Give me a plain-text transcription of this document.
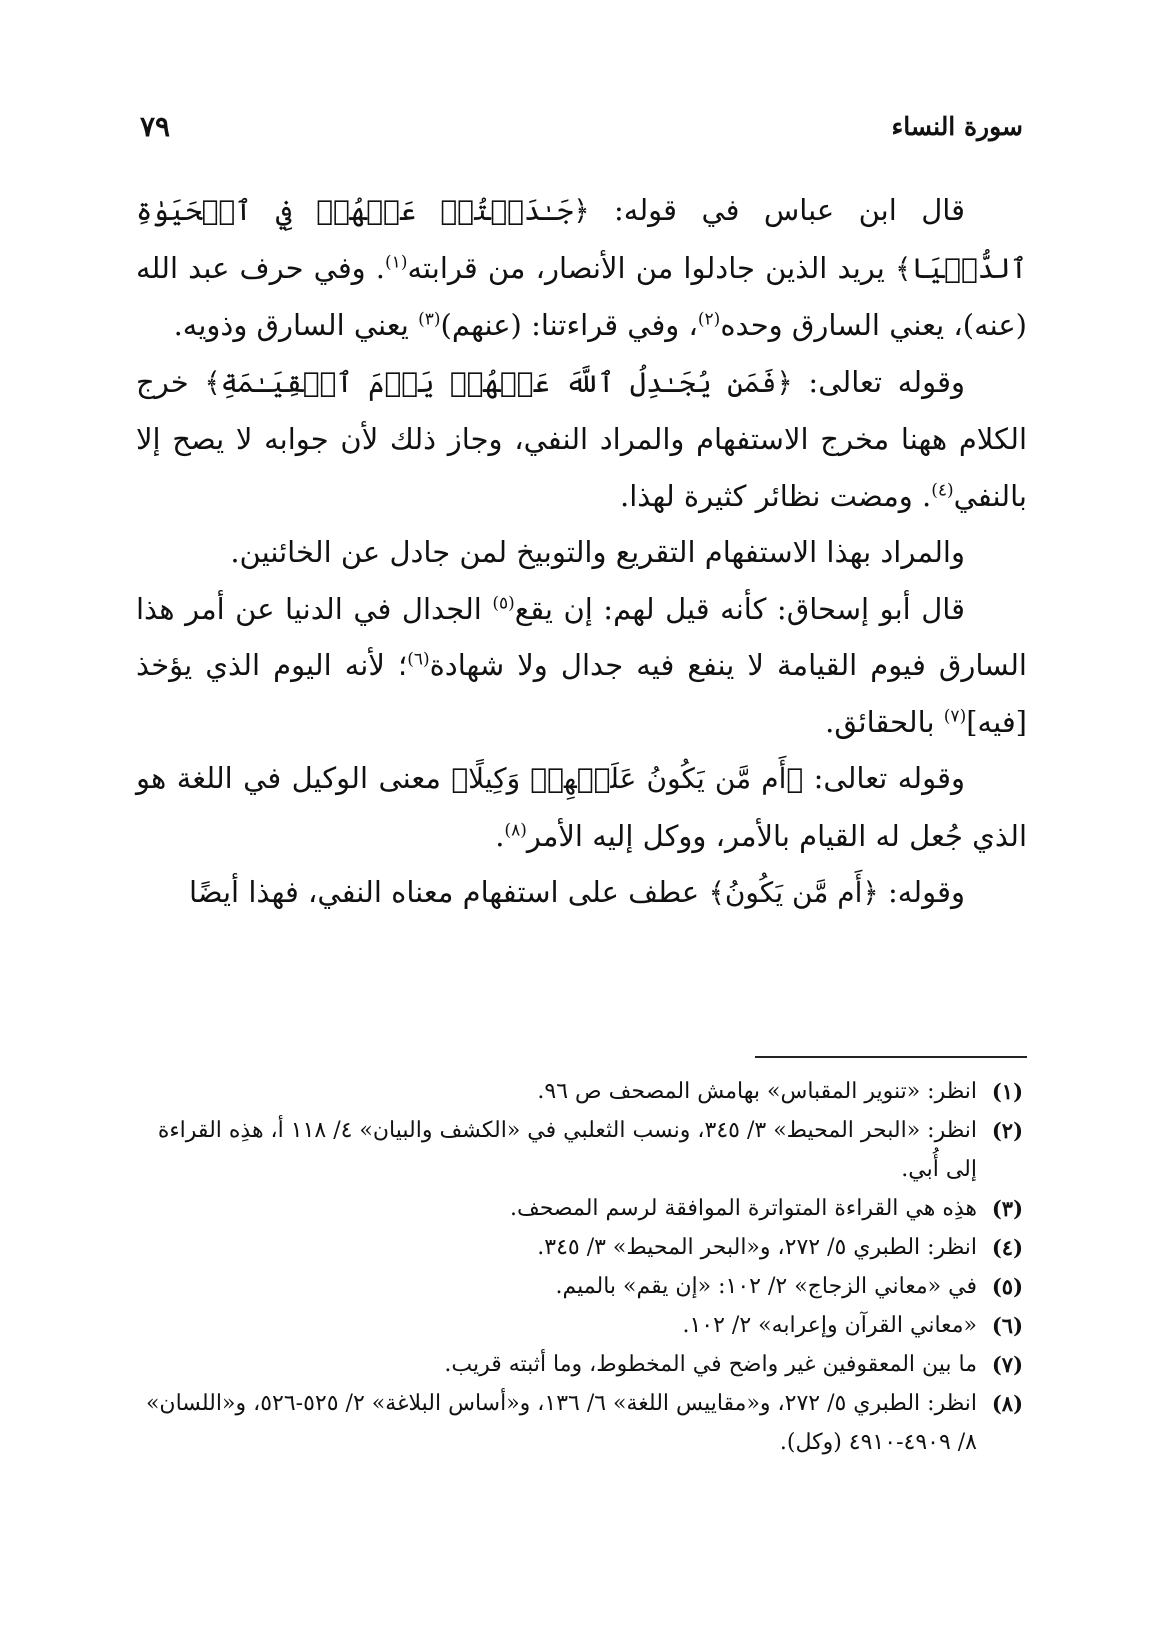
سورة النساء
٧٩

قال ابن عباس في قوله: ﴿جَـٰدَلۡتُمۡ عَنۡهُمۡ فِي ٱلۡحَيَوٰةِ ٱلدُّنۡيَا﴾ يريد الذين جادلوا من الأنصار، من قرابته$^{(١)}$. وفي حرف عبد الله (عنه)، يعني السارق وحده$^{(٢)}$، وفي قراءتنا: (عنهم)$^{(٣)}$ يعني السارق وذويه.

وقوله تعالى: ﴿فَمَن يُجَـٰدِلُ ٱللَّهَ عَنۡهُمۡ يَوۡمَ ٱلۡقِيَـٰمَةِ﴾ خرج الكلام ههنا مخرج الاستفهام والمراد النفي، وجاز ذلك لأن جوابه لا يصح إلا بالنفي$^{(٤)}$. ومضت نظائر كثيرة لهذا.

والمراد بهذا الاستفهام التقريع والتوبيخ لمن جادل عن الخائنين.

قال أبو إسحاق: كأنه قيل لهم: إن يقع$^{(٥)}$ الجدال في الدنيا عن أمر هذا السارق فيوم القيامة لا ينفع فيه جدال ولا شهادة$^{(٦)}$؛ لأنه اليوم الذي يؤخذ [فيه]$^{(٧)}$ بالحقائق.

وقوله تعالى: ﴿أَم مَّن يَكُونُ عَلَيۡهِمۡ وَكِيلًا﴾ معنى الوكيل في اللغة هو الذي جُعل له القيام بالأمر، ووكل إليه الأمر$^{(٨)}$.

وقوله: ﴿أَم مَّن يَكُونُ﴾ عطف على استفهام معناه النفي، فهذا أيضًا

(١)
انظر: «تنوير المقباس» بهامش المصحف ص ٩٦.
(٢)
انظر: «البحر المحيط» ٣/ ٣٤٥، ونسب الثعلبي في «الكشف والبيان» ٤/ ١١٨ أ، هذِه القراءة إلى أُبي.
(٣)
هذِه هي القراءة المتواترة الموافقة لرسم المصحف.
(٤)
انظر: الطبري ٥/ ٢٧٢، و«البحر المحيط» ٣/ ٣٤٥.
(٥)
في «معاني الزجاج» ٢/ ١٠٢: «إن يقم» بالميم.
(٦)
«معاني القرآن وإعرابه» ٢/ ١٠٢.
(٧)
ما بين المعقوفين غير واضح في المخطوط، وما أثبته قريب.
(٨)
انظر: الطبري ٥/ ٢٧٢، و«مقاييس اللغة» ٦/ ١٣٦، و«أساس البلاغة» ٢/ ٥٢٥-٥٢٦، و«اللسان» ٨/ ٤٩٠٩-٤٩١٠ (وكل).
